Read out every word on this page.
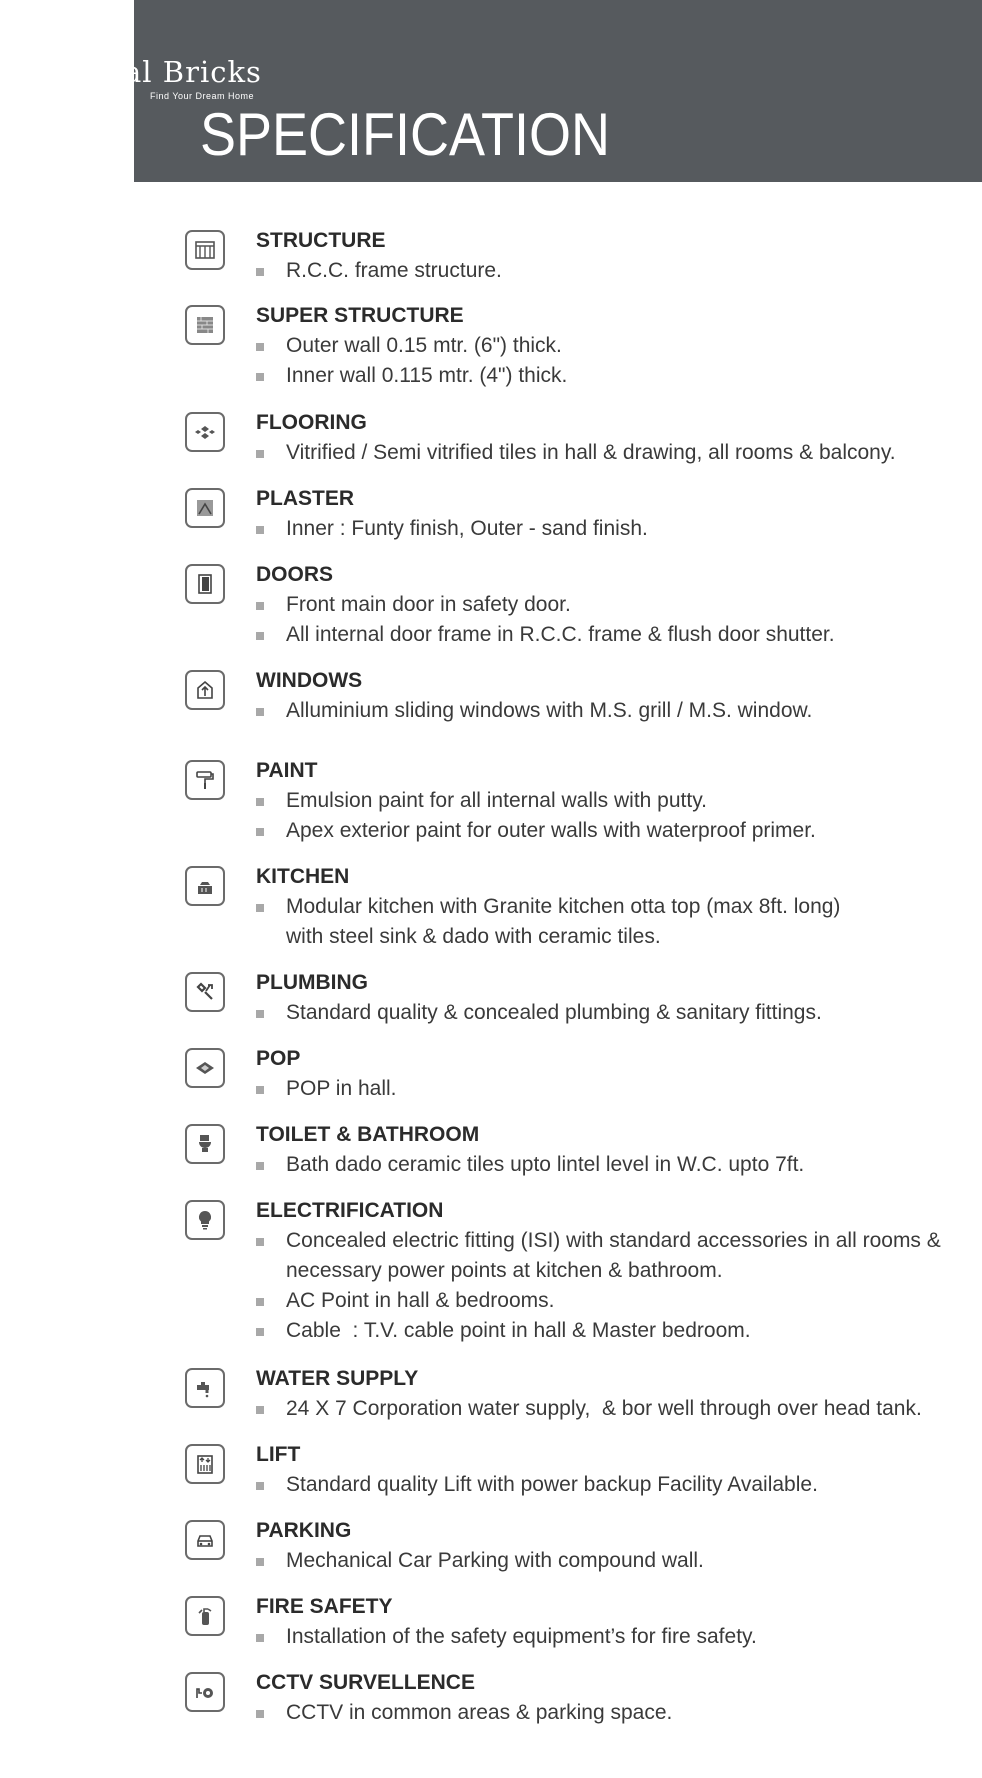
al Bricks
Find Your Dream Home
SPECIFICATION
STRUCTURE
R.C.C. frame structure.
SUPER STRUCTURE
Outer wall 0.15 mtr. (6") thick.
Inner wall 0.115 mtr. (4") thick.
FLOORING
Vitrified / Semi vitrified tiles in hall & drawing, all rooms & balcony.
PLASTER
Inner : Funty finish, Outer - sand finish.
DOORS
Front main door in safety door.
All internal door frame in R.C.C. frame & flush door shutter.
WINDOWS
Alluminium sliding windows with M.S. grill / M.S. window.
PAINT
Emulsion paint for all internal walls with putty.
Apex exterior paint for outer walls with waterproof primer.
KITCHEN
Modular kitchen with Granite kitchen otta top (max 8ft. long)
with steel sink & dado with ceramic tiles.
PLUMBING
Standard quality & concealed plumbing & sanitary fittings.
POP
POP in hall.
TOILET & BATHROOM
Bath dado ceramic tiles upto lintel level in W.C. upto 7ft.
ELECTRIFICATION
Concealed electric fitting (ISI) with standard accessories in all rooms &
necessary power points at kitchen & bathroom.
AC Point in hall & bedrooms.
Cable  : T.V. cable point in hall & Master bedroom.
WATER SUPPLY
24 X 7 Corporation water supply,  & bor well through over head tank.
LIFT
Standard quality Lift with power backup Facility Available.
PARKING
Mechanical Car Parking with compound wall.
FIRE SAFETY
Installation of the safety equipment’s for fire safety.
CCTV SURVELLENCE
CCTV in common areas & parking space.
